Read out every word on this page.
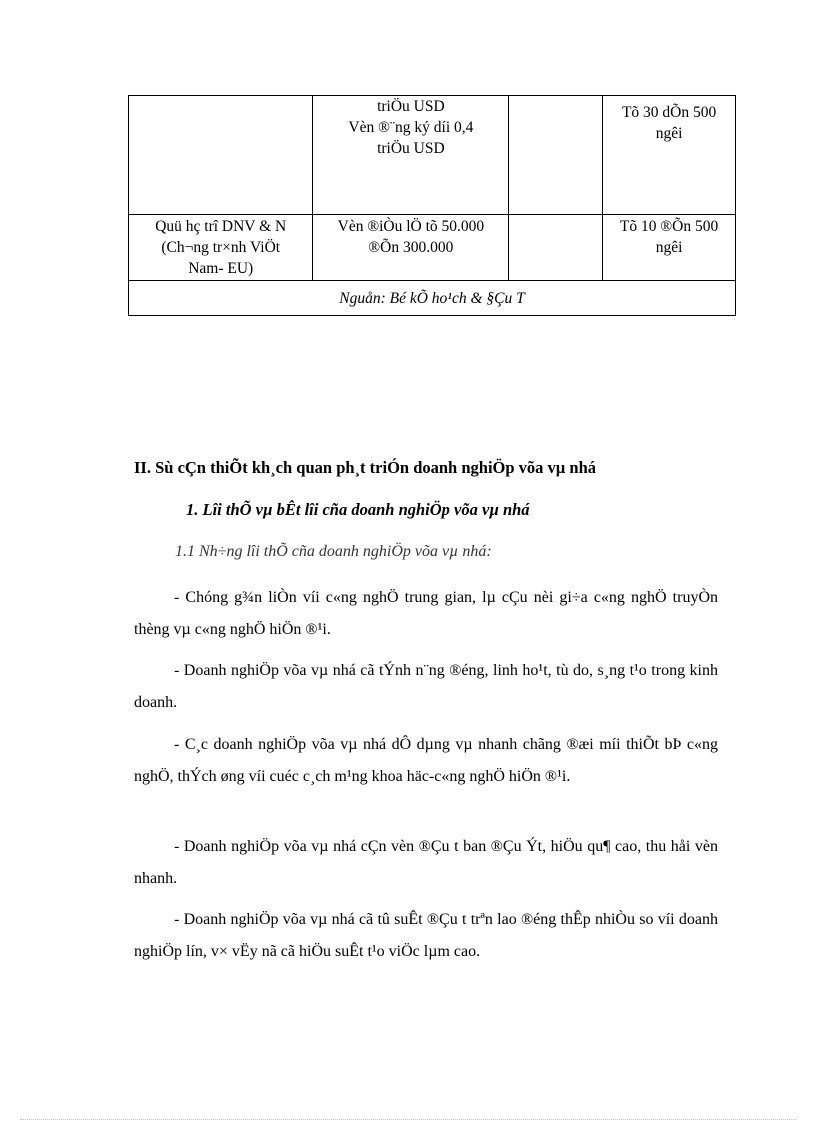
	triÖu USD
Vèn ®¨ng ký díi 0,4
triÖu USD		Tõ 30 dÕn 500
ngêi

Quü hç trî DNV & N
(Ch¬ng tr×nh ViÖt
Nam- EU)	Vèn ®iÒu lÖ tõ 50.000
®Õn 300.000		Tõ 10 ®Õn 500
ngêi

Nguån: Bé kÕ ho¹ch & §Çu T			
II. Sù cÇn thiÕt kh¸ch quan ph¸t triÓn doanh nghiÖp võa vµ nhá
1. Lîi thÕ vµ bÊt lîi cña doanh nghiÖp võa vµ nhá
1.1 Nh÷ng lîi thÕ cña doanh nghiÖp võa vµ nhá:
- Chóng g¾n liÒn víi c«ng nghÖ trung gian, lµ cÇu nèi gi÷a c«ng nghÖ truyÒn thèng vµ c«ng nghÖ hiÖn ®¹i.
- Doanh nghiÖp võa vµ nhá cã tÝnh n¨ng ®éng, linh ho¹t, tù do, s¸ng t¹o trong kinh doanh.
- C¸c doanh nghiÖp võa vµ nhá dÔ dµng vµ nhanh chãng ®æi míi thiÕt bÞ c«ng nghÖ, thÝch øng víi cuéc c¸ch m¹ng khoa häc-c«ng nghÖ hiÖn ®¹i.
- Doanh nghiÖp võa vµ nhá cÇn vèn ®Çu t ban ®Çu Ýt, hiÖu qu¶ cao, thu håi vèn nhanh.
- Doanh nghiÖp võa vµ nhá cã tû suÊt ®Çu t trªn lao ®éng thÊp nhiÒu so víi doanh nghiÖp lín, v× vËy nã cã hiÖu suÊt t¹o viÖc lµm cao.
